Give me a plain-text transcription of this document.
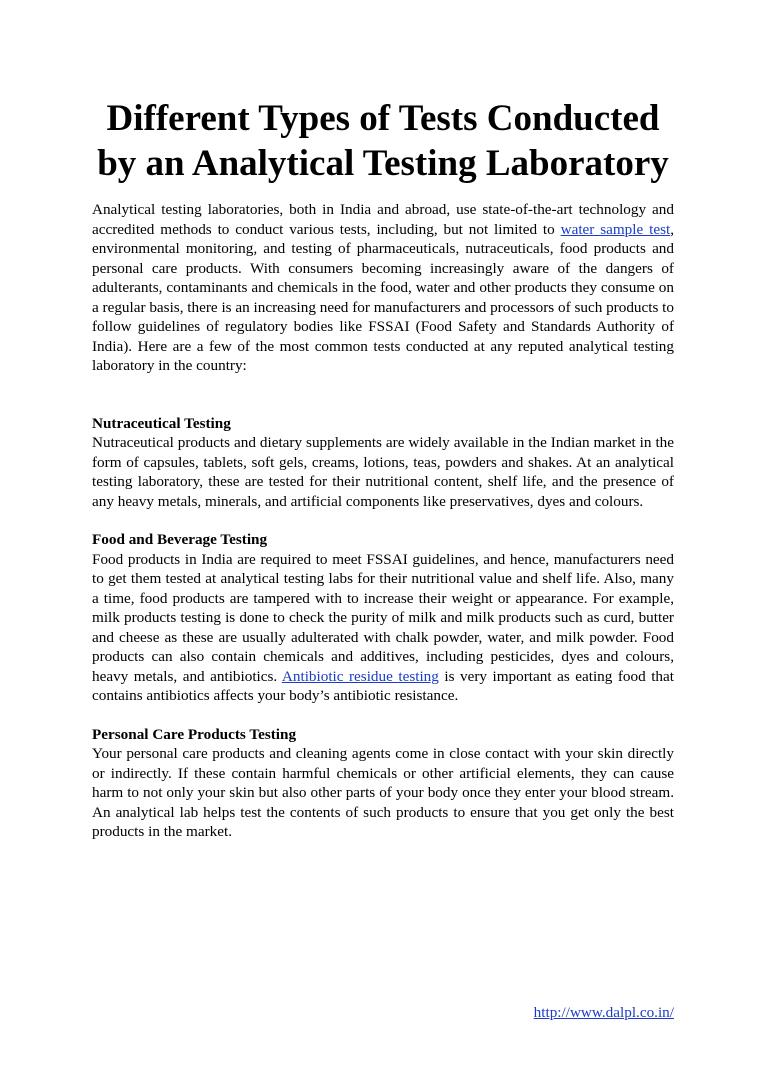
Different Types of Tests Conducted by an Analytical Testing Laboratory

Analytical testing laboratories, both in India and abroad, use state-of-the-art technology and accredited methods to conduct various tests, including, but not limited to water sample test, environmental monitoring, and testing of pharmaceuticals, nutraceuticals, food products and personal care products. With consumers becoming increasingly aware of the dangers of adulterants, contaminants and chemicals in the food, water and other products they consume on a regular basis, there is an increasing need for manufacturers and processors of such products to follow guidelines of regulatory bodies like FSSAI (Food Safety and Standards Authority of India). Here are a few of the most common tests conducted at any reputed analytical testing laboratory in the country:

Nutraceutical Testing

Nutraceutical products and dietary supplements are widely available in the Indian market in the form of capsules, tablets, soft gels, creams, lotions, teas, powders and shakes. At an analytical testing laboratory, these are tested for their nutritional content, shelf life, and the presence of any heavy metals, minerals, and artificial components like preservatives, dyes and colours.

Food and Beverage Testing

Food products in India are required to meet FSSAI guidelines, and hence, manufacturers need to get them tested at analytical testing labs for their nutritional value and shelf life. Also, many a time, food products are tampered with to increase their weight or appearance. For example, milk products testing is done to check the purity of milk and milk products such as curd, butter and cheese as these are usually adulterated with chalk powder, water, and milk powder. Food products can also contain chemicals and additives, including pesticides, dyes and colours, heavy metals, and antibiotics. Antibiotic residue testing is very important as eating food that contains antibiotics affects your body’s antibiotic resistance.

Personal Care Products Testing

Your personal care products and cleaning agents come in close contact with your skin directly or indirectly. If these contain harmful chemicals or other artificial elements, they can cause harm to not only your skin but also other parts of your body once they enter your blood stream. An analytical lab helps test the contents of such products to ensure that you get only the best products in the market.

http://www.dalpl.co.in/
